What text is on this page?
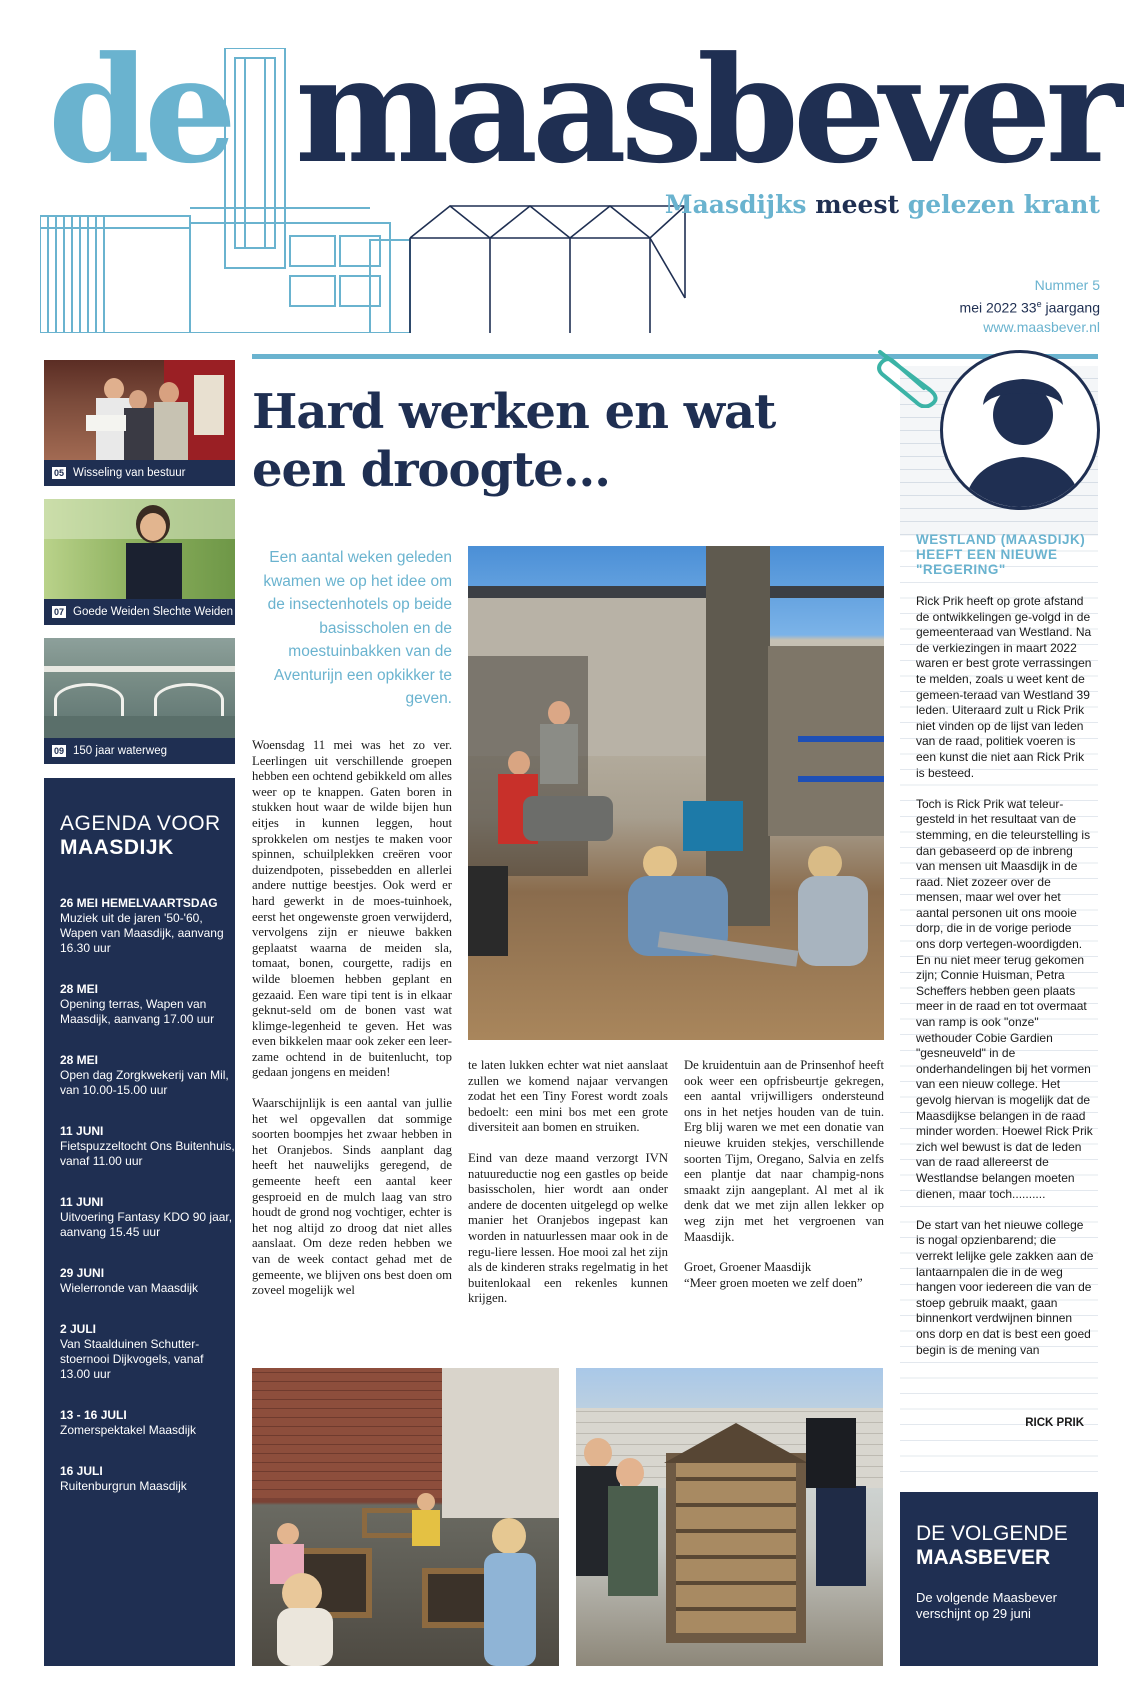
de maasbever
Maasdijks meest gelezen krant
Nummer 5
mei 2022 33e jaargang
www.maasbever.nl
05 Wisseling van bestuur
07 Goede Weiden Slechte Weiden
09 150 jaar waterweg
AGENDA VOOR
MAASDIJK
26 MEI HEMELVAARTSDAG
Muziek uit de jaren '50-'60, Wapen van Maasdijk, aanvang 16.30 uur
28 MEI
Opening terras, Wapen van Maasdijk, aanvang 17.00 uur
28 MEI
Open dag Zorgkwekerij van Mil, van 10.00-15.00 uur
11 JUNI
Fietspuzzeltocht Ons Buitenhuis, vanaf 11.00 uur
11 JUNI
Uitvoering Fantasy KDO 90 jaar, aanvang 15.45 uur
29 JUNI
Wielerronde van Maasdijk
2 JULI
Van Staalduinen Schutter-stoernooi Dijkvogels, vanaf 13.00 uur
13 - 16 JULI
Zomerspektakel Maasdijk
16 JULI
Ruitenburgrun Maasdijk
Hard werken en wat een droogte...
Een aantal weken geleden kwamen we op het idee om de insectenhotels op beide basisscholen en de moestuinbakken van de Aventurijn een opkikker te geven.

Woensdag 11 mei was het zo ver. Leerlingen uit verschillende groepen hebben een ochtend gebikkeld om alles weer op te knappen. Gaten boren in stukken hout waar de wilde bijen hun eitjes in kunnen leggen, hout sprokkelen om nestjes te maken voor spinnen, schuilplekken creëren voor duizendpoten, pissebedden en allerlei andere nuttige beestjes. Ook werd er hard gewerkt in de moes-tuinhoek, eerst het ongewenste groen verwijderd, vervolgens zijn er nieuwe bakken geplaatst waarna de meiden sla, tomaat, bonen, courgette, radijs en wilde bloemen hebben geplant en gezaaid. Een ware tipi tent is in elkaar geknut-seld om de bonen vast wat klimge-legenheid te geven. Het was even bikkelen maar ook zeker een leer-zame ochtend in de buitenlucht, top gedaan jongens en meiden!

Waarschijnlijk is een aantal van jullie het wel opgevallen dat sommige soorten boompjes het zwaar hebben in het Oranjebos. Sinds aanplant dag heeft het nauwelijks geregend, de gemeente heeft een aantal keer gesproeid en de mulch laag van stro houdt de grond nog vochtiger, echter is het nog altijd zo droog dat niet alles aanslaat. Om deze reden hebben we van de week contact gehad met de gemeente, we blijven ons best doen om zoveel mogelijk wel

te laten lukken echter wat niet aanslaat zullen we komend najaar vervangen zodat het een Tiny Forest wordt zoals bedoelt: een mini bos met een grote diversiteit aan bomen en struiken.

Eind van deze maand verzorgt IVN natuureductie nog een gastles op beide basisscholen, hier wordt aan onder andere de docenten uitgelegd op welke manier het Oranjebos ingepast kan worden in natuurlessen maar ook in de regu-liere lessen. Hoe mooi zal het zijn als de kinderen straks regelmatig in het buitenlokaal een rekenles kunnen krijgen.

De kruidentuin aan de Prinsenhof heeft ook weer een opfrisbeurtje gekregen, een aantal vrijwilligers ondersteund ons in het netjes houden van de tuin. Erg blij waren we met een donatie van nieuwe kruiden stekjes, verschillende soorten Tijm, Oregano, Salvia en zelfs een plantje dat naar champig-nons smaakt zijn aangeplant. Al met al ik denk dat we met zijn allen lekker op weg zijn met het vergroenen van Maasdijk.

Groet, Groener Maasdijk
“Meer groen moeten we zelf doen”
WESTLAND (MAASDIJK) HEEFT EEN NIEUWE "REGERING"

Rick Prik heeft op grote afstand de ontwikkelingen ge-volgd in de gemeenteraad van Westland. Na de verkiezingen in maart 2022 waren er best grote verrassingen te melden, zoals u weet kent de gemeen-teraad van Westland 39 leden. Uiteraard zult u Rick Prik niet vinden op de lijst van leden van de raad, politiek voeren is een kunst die niet aan Rick Prik is besteed.

Toch is Rick Prik wat teleur-gesteld in het resultaat van de stemming, en die teleurstelling is dan gebaseerd op de inbreng van mensen uit Maasdijk in de raad. Niet zozeer over de mensen, maar wel over het aantal personen uit ons mooie dorp, die in de vorige periode ons dorp vertegen-woordigden. En nu niet meer terug gekomen zijn; Connie Huisman, Petra Scheffers hebben geen plaats meer in de raad en tot overmaat van ramp is ook "onze" wethouder Cobie Gardien "gesneuveld" in de onderhandelingen bij het vormen van een nieuw college. Het gevolg hiervan is mogelijk dat de Maasdijkse belangen in de raad minder worden. Hoewel Rick Prik zich wel bewust is dat de leden van de raad allereerst de Westlandse belangen moeten dienen, maar toch..........

De start van het nieuwe college is nogal opzienbarend; die verrekt lelijke gele zakken aan de lantaarnpalen die in de weg hangen voor iedereen die van de stoep gebruik maakt, gaan binnenkort verdwijnen binnen ons dorp en dat is best een goed begin is de mening van

RICK PRIK
DE VOLGENDE
MAASBEVER
De volgende Maasbever verschijnt op 29 juni
